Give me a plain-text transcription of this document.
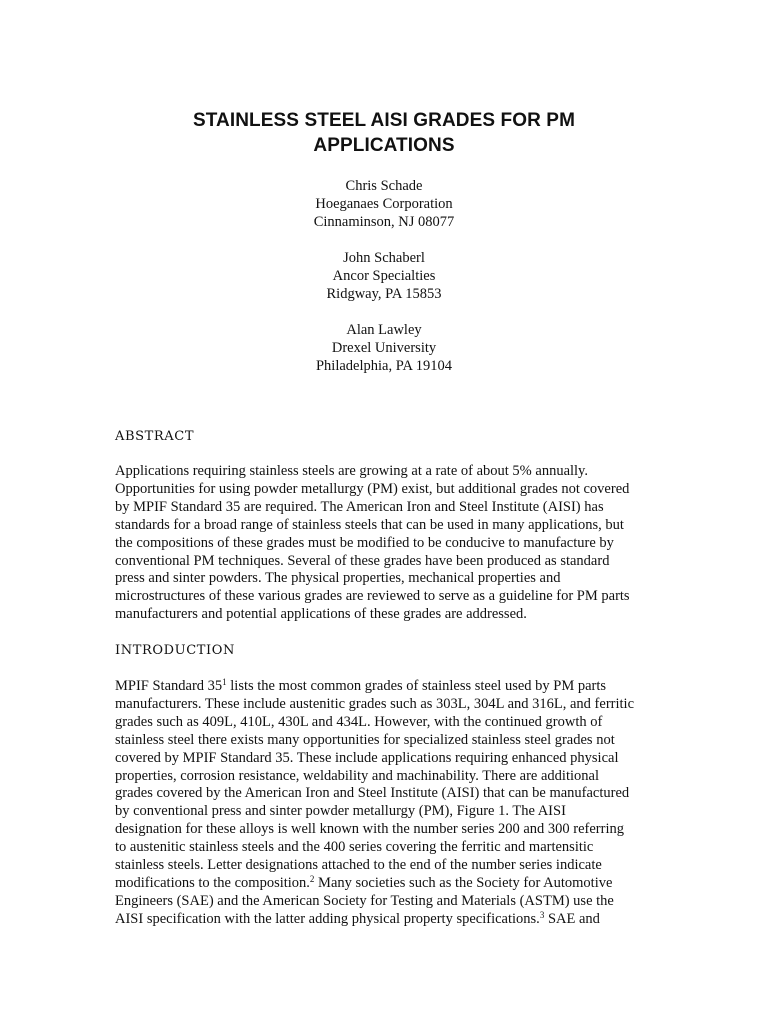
STAINLESS STEEL AISI GRADES FOR PM
APPLICATIONS
Chris Schade
Hoeganaes Corporation
Cinnaminson, NJ 08077
John Schaberl
Ancor Specialties
Ridgway, PA 15853
Alan Lawley
Drexel University
Philadelphia, PA 19104
ABSTRACT
Applications requiring stainless steels are growing at a rate of about 5% annually.
Opportunities for using powder metallurgy (PM) exist, but additional grades not covered
by MPIF Standard 35 are required. The American Iron and Steel Institute (AISI) has
standards for a broad range of stainless steels that can be used in many applications, but
the compositions of these grades must be modified to be conducive to manufacture by
conventional PM techniques. Several of these grades have been produced as standard
press and sinter powders. The physical properties, mechanical properties and
microstructures of these various grades are reviewed to serve as a guideline for PM parts
manufacturers and potential applications of these grades are addressed.
INTRODUCTION
MPIF Standard $35^1$ lists the most common grades of stainless steel used by PM parts
manufacturers. These include austenitic grades such as 303L, 304L and 316L, and ferritic
grades such as 409L, 410L, 430L and 434L. However, with the continued growth of
stainless steel there exists many opportunities for specialized stainless steel grades not
covered by MPIF Standard 35. These include applications requiring enhanced physical
properties, corrosion resistance, weldability and machinability. There are additional
grades covered by the American Iron and Steel Institute (AISI) that can be manufactured
by conventional press and sinter powder metallurgy (PM), Figure 1. The AISI
designation for these alloys is well known with the number series 200 and 300 referring
to austenitic stainless steels and the 400 series covering the ferritic and martensitic
stainless steels. Letter designations attached to the end of the number series indicate
modifications to the composition.$^2$ Many societies such as the Society for Automotive
Engineers (SAE) and the American Society for Testing and Materials (ASTM) use the
AISI specification with the latter adding physical property specifications.$^3$ SAE and
